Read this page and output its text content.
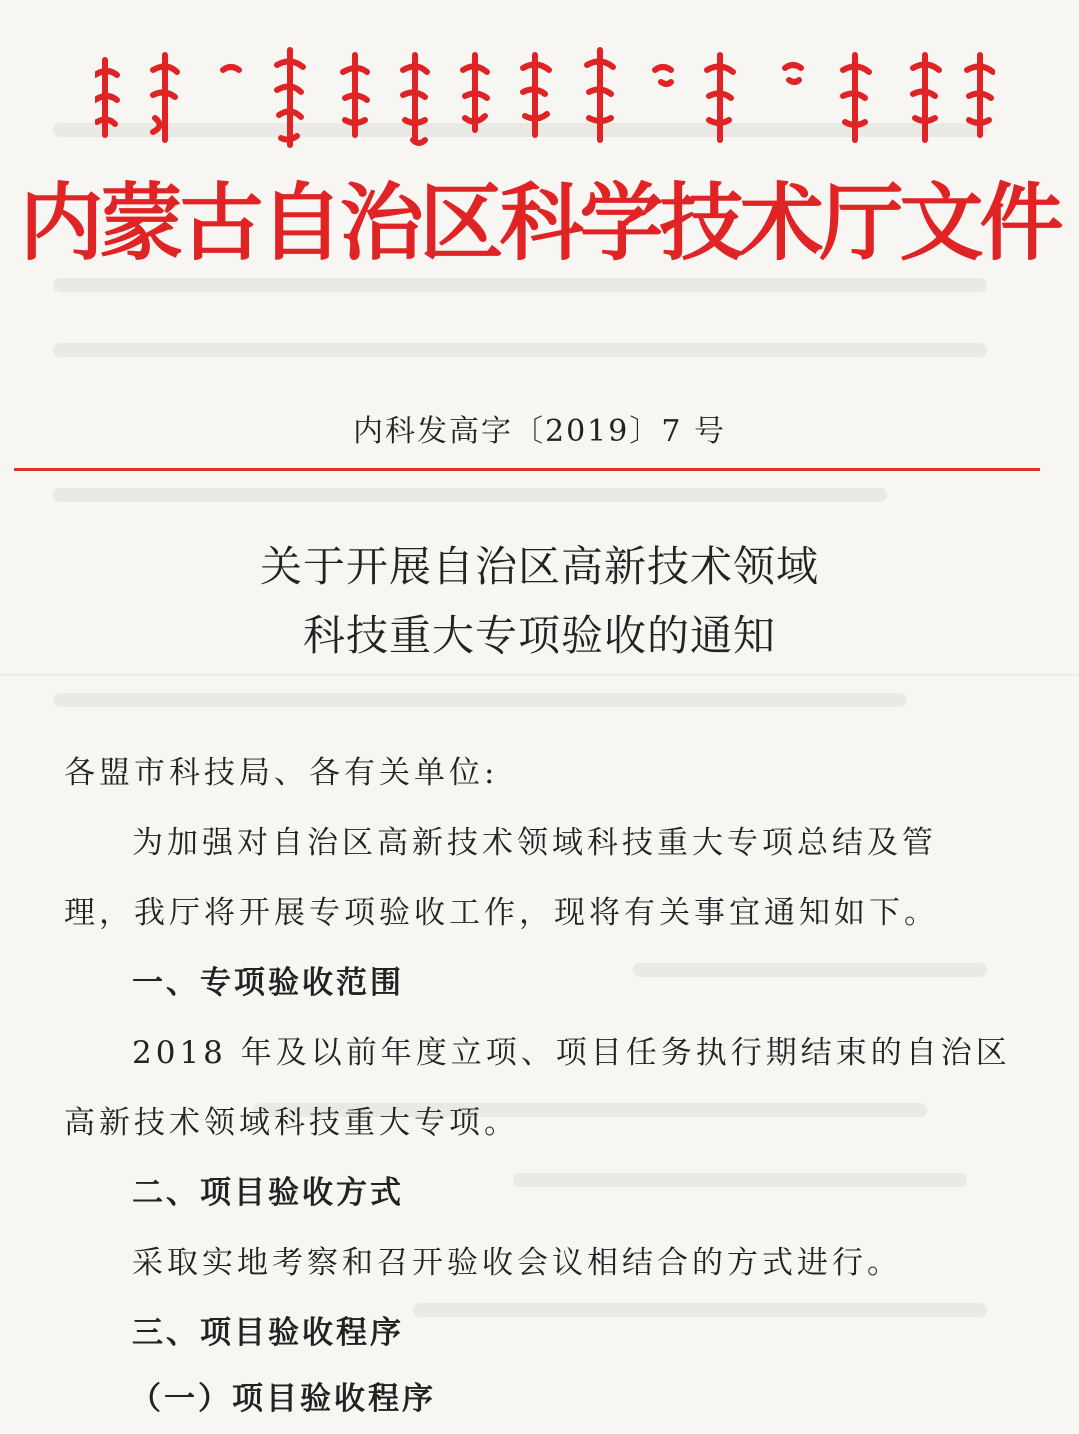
Mongolian script title
内蒙古自治区科学技术厅文件
内科发高字〔2019〕7 号
关于开展自治区高新技术领域
科技重大专项验收的通知
各盟市科技局、各有关单位:
为加强对自治区高新技术领域科技重大专项总结及管
理，我厅将开展专项验收工作，现将有关事宜通知如下。
一、专项验收范围
2018 年及以前年度立项、项目任务执行期结束的自治区
高新技术领域科技重大专项。
二、项目验收方式
采取实地考察和召开验收会议相结合的方式进行。
三、项目验收程序
（一）项目验收程序
